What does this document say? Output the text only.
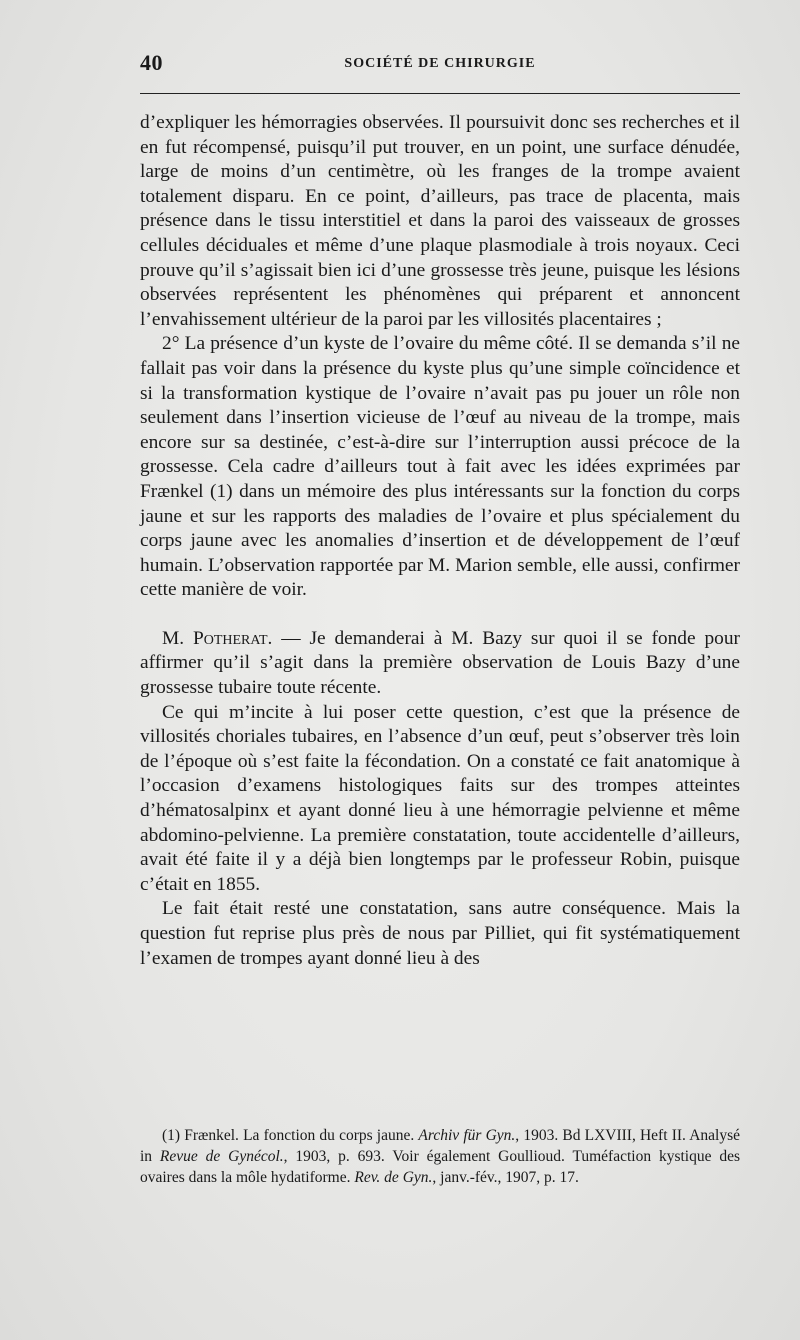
40	SOCIÉTÉ DE CHIRURGIE

d’expliquer les hémorragies observées. Il poursuivit donc ses recherches et il en fut récompensé, puisqu’il put trouver, en un point, une surface dénudée, large de moins d’un centimètre, où les franges de la trompe avaient totalement disparu. En ce point, d’ailleurs, pas trace de placenta, mais présence dans le tissu interstitiel et dans la paroi des vaisseaux de grosses cellules déciduales et même d’une plaque plasmodiale à trois noyaux. Ceci prouve qu’il s’agissait bien ici d’une grossesse très jeune, puisque les lésions observées représentent les phénomènes qui préparent et annoncent l’envahissement ultérieur de la paroi par les villosités placentaires ;

2° La présence d’un kyste de l’ovaire du même côté. Il se demanda s’il ne fallait pas voir dans la présence du kyste plus qu’une simple coïncidence et si la transformation kystique de l’ovaire n’avait pas pu jouer un rôle non seulement dans l’insertion vicieuse de l’œuf au niveau de la trompe, mais encore sur sa destinée, c’est-à-dire sur l’interruption aussi précoce de la grossesse. Cela cadre d’ailleurs tout à fait avec les idées exprimées par Frænkel (1) dans un mémoire des plus intéressants sur la fonction du corps jaune et sur les rapports des maladies de l’ovaire et plus spécialement du corps jaune avec les anomalies d’insertion et de développement de l’œuf humain. L’observation rapportée par M. Marion semble, elle aussi, confirmer cette manière de voir.

M. Potherat. — Je demanderai à M. Bazy sur quoi il se fonde pour affirmer qu’il s’agit dans la première observation de Louis Bazy d’une grossesse tubaire toute récente.

Ce qui m’incite à lui poser cette question, c’est que la présence de villosités choriales tubaires, en l’absence d’un œuf, peut s’observer très loin de l’époque où s’est faite la fécondation. On a constaté ce fait anatomique à l’occasion d’examens histologiques faits sur des trompes atteintes d’hématosalpinx et ayant donné lieu à une hémorragie pelvienne et même abdomino-pelvienne. La première constatation, toute accidentelle d’ailleurs, avait été faite il y a déjà bien longtemps par le professeur Robin, puisque c’était en 1855.

Le fait était resté une constatation, sans autre conséquence. Mais la question fut reprise plus près de nous par Pilliet, qui fit systématiquement l’examen de trompes ayant donné lieu à des

(1) Frænkel. La fonction du corps jaune. Archiv für Gyn., 1903. Bd LXVIII, Heft II. Analysé in Revue de Gynécol., 1903, p. 693. Voir également Goullioud. Tuméfaction kystique des ovaires dans la môle hydatiforme. Rev. de Gyn., janv.-fév., 1907, p. 17.
